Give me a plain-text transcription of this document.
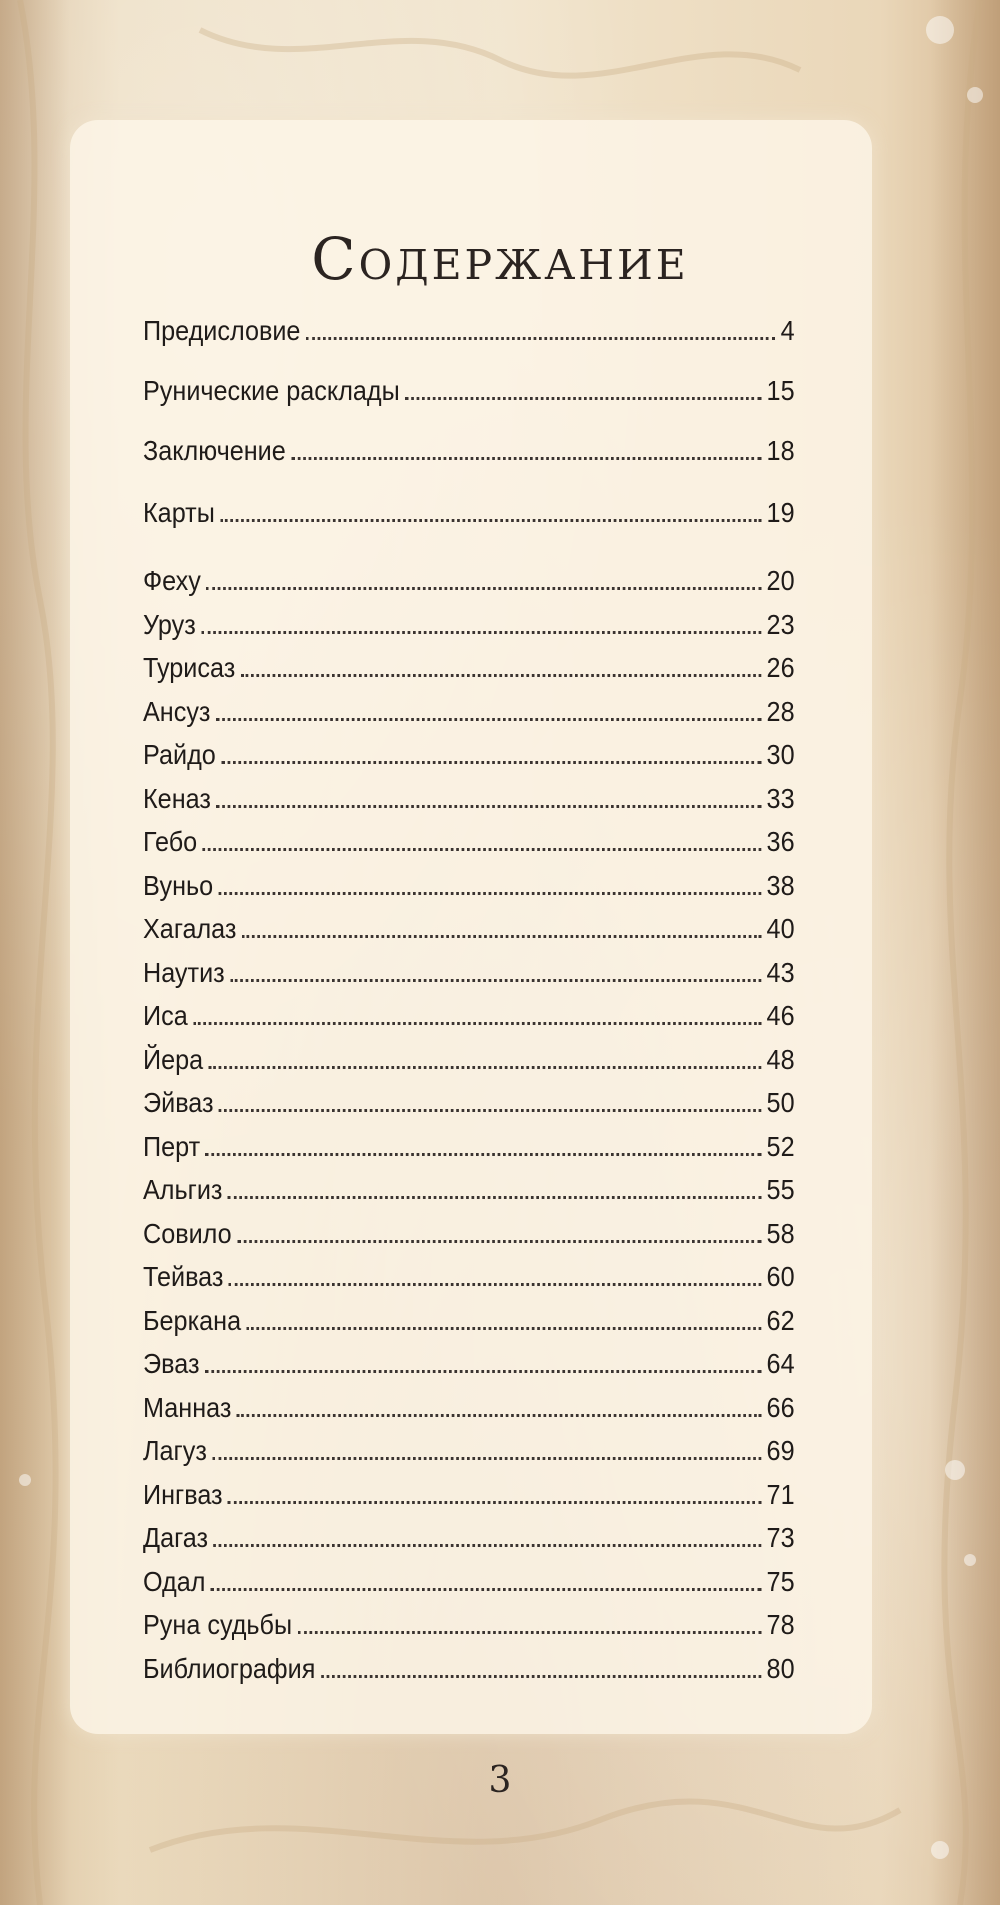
Содержание
Предисловие	4
Рунические расклады	15
Заключение	18
Карты	19
Феху	20
Уруз	23
Турисаз	26
Ансуз	28
Райдо	30
Кеназ	33
Гебо	36
Вуньо	38
Хагалаз	40
Наутиз	43
Иса	46
Йера	48
Эйваз	50
Перт	52
Альгиз	55
Совило	58
Тейваз	60
Беркана	62
Эваз	64
Манназ	66
Лагуз	69
Ингваз	71
Дагаз	73
Одал	75
Руна судьбы	78
Библиография	80
3
